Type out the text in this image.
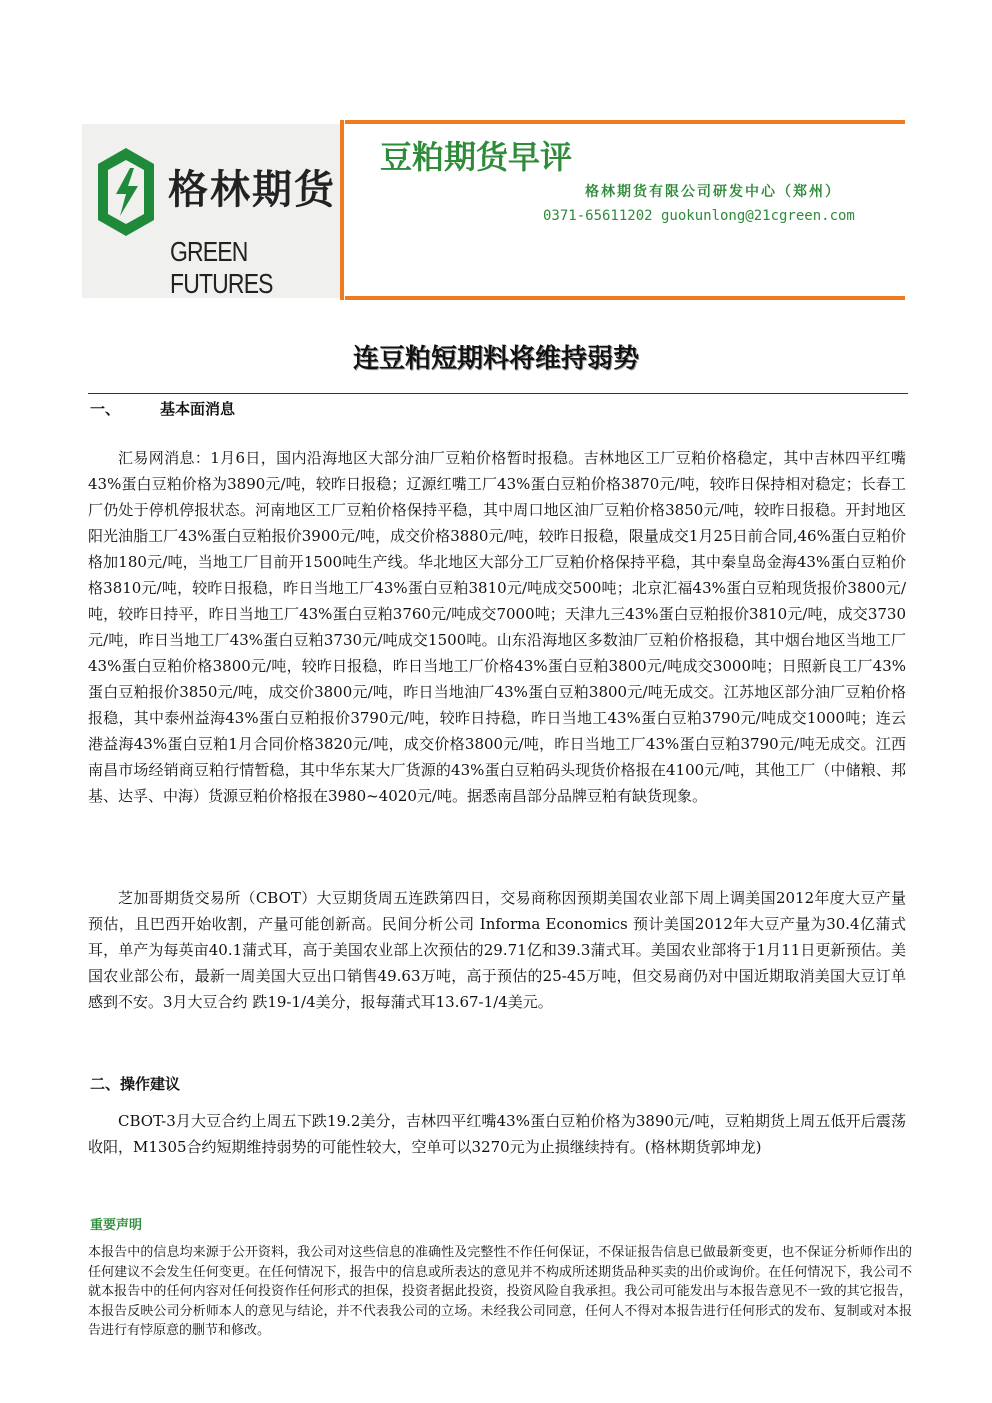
格林期货
GREEN FUTURES
豆粕期货早评
格林期货有限公司研发中心（郑州）
0371-65611202 guokunlong@21cgreen.com
连豆粕短期料将维持弱势
一、	基本面消息
汇易网消息：1月6日，国内沿海地区大部分油厂豆粕价格暂时报稳。吉林地区工厂豆粕价格稳定，其中吉林四平红嘴43%蛋白豆粕价格为3890元/吨，较昨日报稳；辽源红嘴工厂43%蛋白豆粕价格3870元/吨，较昨日保持相对稳定；长春工厂仍处于停机停报状态。河南地区工厂豆粕价格保持平稳，其中周口地区油厂豆粕价格3850元/吨，较昨日报稳。开封地区阳光油脂工厂43%蛋白豆粕报价3900元/吨，成交价格3880元/吨，较昨日报稳，限量成交1月25日前合同,46%蛋白豆粕价格加180元/吨，当地工厂目前开1500吨生产线。华北地区大部分工厂豆粕价格保持平稳，其中秦皇岛金海43%蛋白豆粕价格3810元/吨，较昨日报稳，昨日当地工厂43%蛋白豆粕3810元/吨成交500吨；北京汇福43%蛋白豆粕现货报价3800元/吨，较昨日持平，昨日当地工厂43%蛋白豆粕3760元/吨成交7000吨；天津九三43%蛋白豆粕报价3810元/吨，成交3730元/吨，昨日当地工厂43%蛋白豆粕3730元/吨成交1500吨。山东沿海地区多数油厂豆粕价格报稳，其中烟台地区当地工厂43%蛋白豆粕价格3800元/吨，较昨日报稳，昨日当地工厂价格43%蛋白豆粕3800元/吨成交3000吨；日照新良工厂43%蛋白豆粕报价3850元/吨，成交价3800元/吨，昨日当地油厂43%蛋白豆粕3800元/吨无成交。江苏地区部分油厂豆粕价格报稳，其中泰州益海43%蛋白豆粕报价3790元/吨，较昨日持稳，昨日当地工43%蛋白豆粕3790元/吨成交1000吨；连云港益海43%蛋白豆粕1月合同价格3820元/吨，成交价格3800元/吨，昨日当地工厂43%蛋白豆粕3790元/吨无成交。江西南昌市场经销商豆粕行情暂稳，其中华东某大厂货源的43%蛋白豆粕码头现货价格报在4100元/吨，其他工厂（中储粮、邦基、达孚、中海）货源豆粕价格报在3980~4020元/吨。据悉南昌部分品牌豆粕有缺货现象。
芝加哥期货交易所（CBOT）大豆期货周五连跌第四日，交易商称因预期美国农业部下周上调美国2012年度大豆产量预估，且巴西开始收割，产量可能创新高。民间分析公司 Informa Economics 预计美国2012年大豆产量为30.4亿蒲式耳，单产为每英亩40.1蒲式耳，高于美国农业部上次预估的29.71亿和39.3蒲式耳。美国农业部将于1月11日更新预估。美国农业部公布，最新一周美国大豆出口销售49.63万吨，高于预估的25-45万吨，但交易商仍对中国近期取消美国大豆订单感到不安。3月大豆合约 跌19-1/4美分，报每蒲式耳13.67-1/4美元。
二、操作建议
CBOT-3月大豆合约上周五下跌19.2美分，吉林四平红嘴43%蛋白豆粕价格为3890元/吨，豆粕期货上周五低开后震荡收阳，M1305合约短期维持弱势的可能性较大，空单可以3270元为止损继续持有。(格林期货郭坤龙)
重要声明
本报告中的信息均来源于公开资料，我公司对这些信息的准确性及完整性不作任何保证，不保证报告信息已做最新变更，也不保证分析师作出的任何建议不会发生任何变更。在任何情况下，报告中的信息或所表达的意见并不构成所述期货品种买卖的出价或询价。在任何情况下，我公司不就本报告中的任何内容对任何投资作任何形式的担保，投资者据此投资，投资风险自我承担。我公司可能发出与本报告意见不一致的其它报告，本报告反映公司分析师本人的意见与结论，并不代表我公司的立场。未经我公司同意，任何人不得对本报告进行任何形式的发布、复制或对本报告进行有悖原意的删节和修改。
